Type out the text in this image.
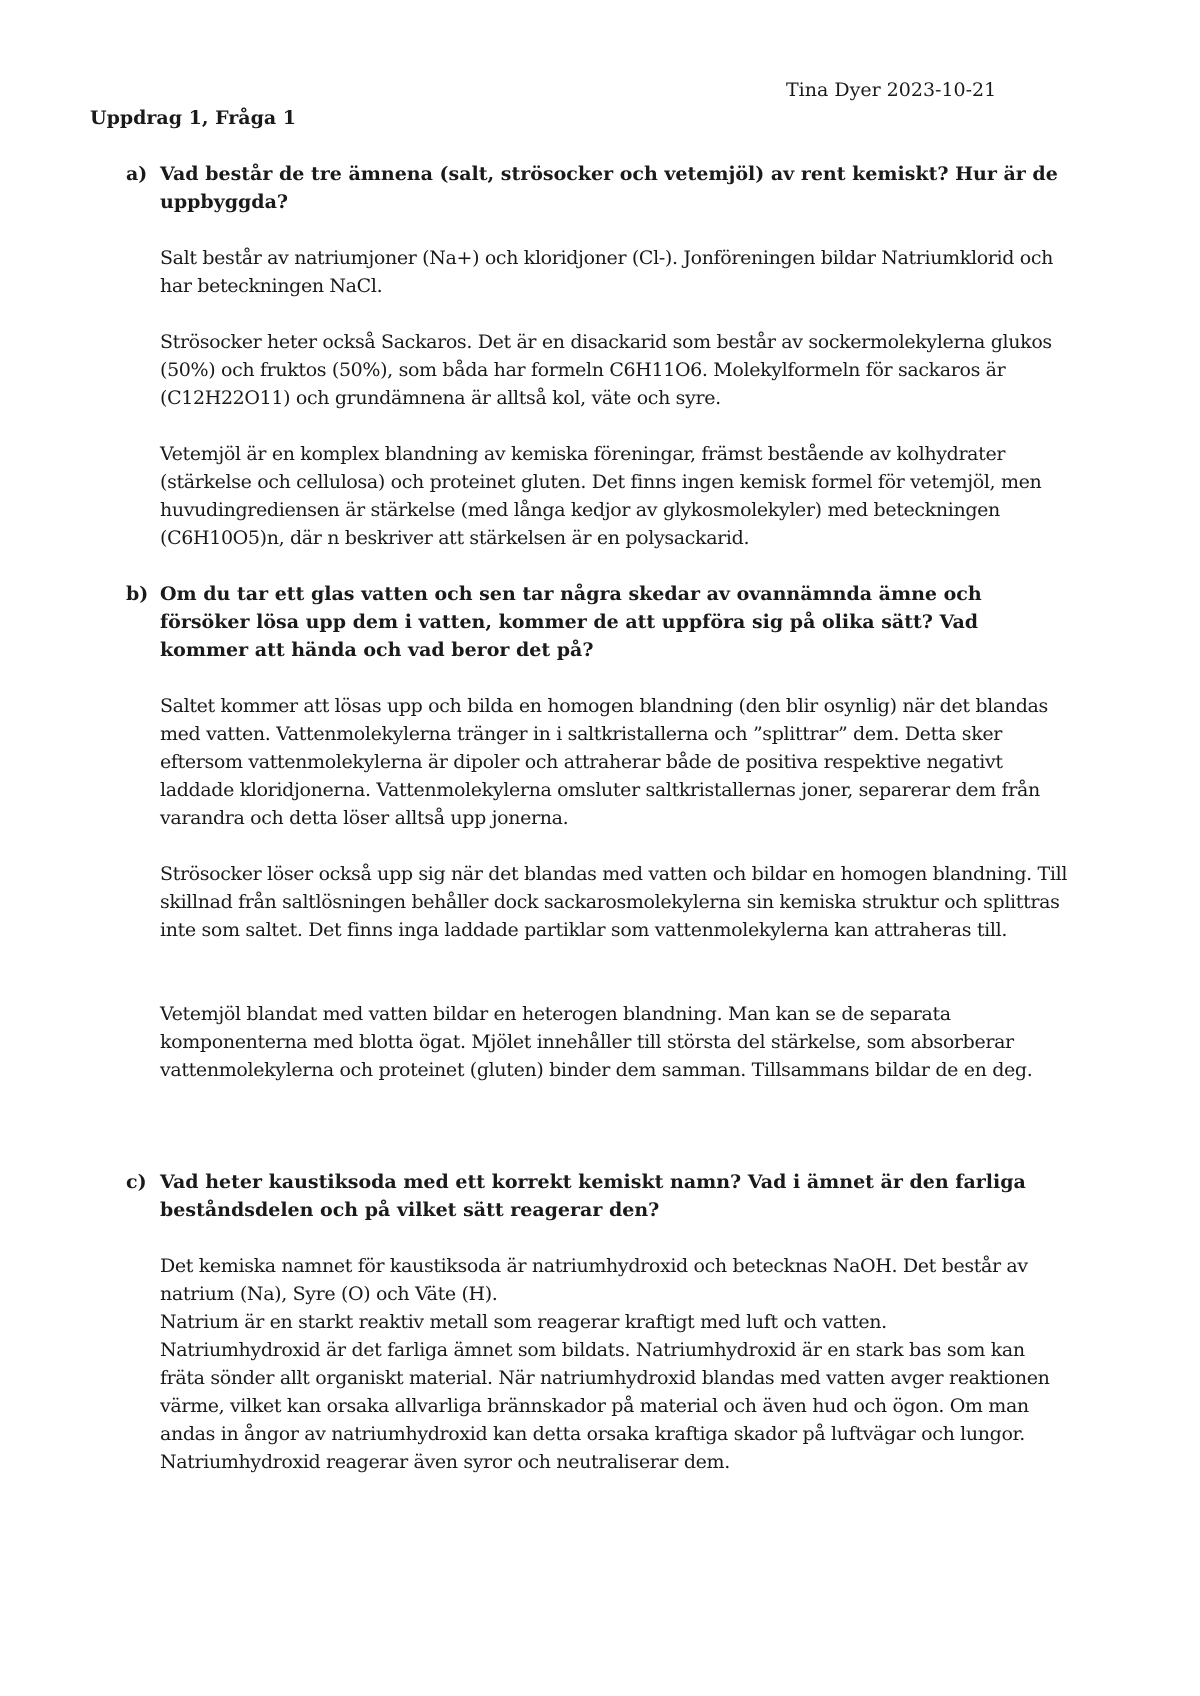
Tina Dyer 2023-10-21
Uppdrag 1, Fråga 1

a) Vad består de tre ämnena (salt, strösocker och vetemjöl) av rent kemiskt? Hur är de uppbyggda?

Salt består av natriumjoner (Na+) och kloridjoner (Cl-). Jonföreningen bildar Natriumklorid och har beteckningen NaCl.

Strösocker heter också Sackaros. Det är en disackarid som består av sockermolekylerna glukos (50%) och fruktos (50%), som båda har formeln C6H11O6. Molekylformeln för sackaros är (C12H22O11) och grundämnena är alltså kol, väte och syre.

Vetemjöl är en komplex blandning av kemiska föreningar, främst bestående av kolhydrater (stärkelse och cellulosa) och proteinet gluten. Det finns ingen kemisk formel för vetemjöl, men huvudingrediensen är stärkelse (med långa kedjor av glykosmolekyler) med beteckningen (C6H10O5)n, där n beskriver att stärkelsen är en polysackarid.

b) Om du tar ett glas vatten och sen tar några skedar av ovannämnda ämne och försöker lösa upp dem i vatten, kommer de att uppföra sig på olika sätt? Vad kommer att hända och vad beror det på?

Saltet kommer att lösas upp och bilda en homogen blandning (den blir osynlig) när det blandas med vatten. Vattenmolekylerna tränger in i saltkristallerna och ”splittrar” dem. Detta sker eftersom vattenmolekylerna är dipoler och attraherar både de positiva respektive negativt laddade kloridjonerna. Vattenmolekylerna omsluter saltkristallernas joner, separerar dem från varandra och detta löser alltså upp jonerna.

Strösocker löser också upp sig när det blandas med vatten och bildar en homogen blandning. Till skillnad från saltlösningen behåller dock sackarosmolekylerna sin kemiska struktur och splittras inte som saltet. Det finns inga laddade partiklar som vattenmolekylerna kan attraheras till.

Vetemjöl blandat med vatten bildar en heterogen blandning. Man kan se de separata komponenterna med blotta ögat. Mjölet innehåller till största del stärkelse, som absorberar vattenmolekylerna och proteinet (gluten) binder dem samman. Tillsammans bildar de en deg.

c) Vad heter kaustiksoda med ett korrekt kemiskt namn? Vad i ämnet är den farliga beståndsdelen och på vilket sätt reagerar den?

Det kemiska namnet för kaustiksoda är natriumhydroxid och betecknas NaOH. Det består av natrium (Na), Syre (O) och Väte (H).

Natrium är en starkt reaktiv metall som reagerar kraftigt med luft och vatten.

Natriumhydroxid är det farliga ämnet som bildats. Natriumhydroxid är en stark bas som kan fräta sönder allt organiskt material. När natriumhydroxid blandas med vatten avger reaktionen värme, vilket kan orsaka allvarliga brännskador på material och även hud och ögon. Om man andas in ångor av natriumhydroxid kan detta orsaka kraftiga skador på luftvägar och lungor. Natriumhydroxid reagerar även syror och neutraliserar dem.
